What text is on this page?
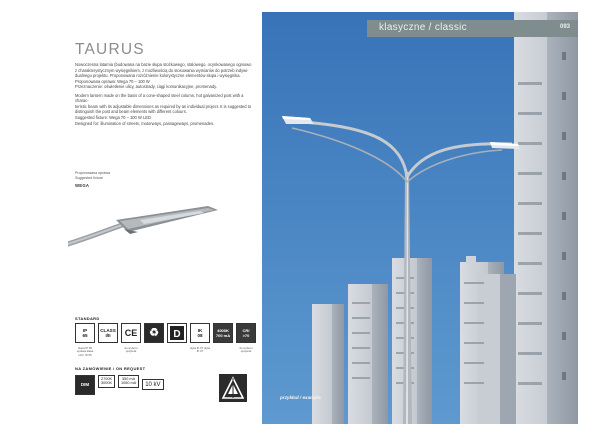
TAURUS

Nowoczesna latarnia (budowana na bazie słupa stożkowego, stalowego, ocynkowanego ogniowo
z charakterystycznym wysięgnikiem, z możliwością do stosowania wymiarów do potrzeb indywi-
dualnego projektu. Proponowana rozróżnienie kolorystyczne elementów słupa i wysięgnika.
Proponowana oprawa: Wega 70 – 100 W
Przeznaczenie: oświetlenie ulicy, autostrady, ciągi komunikacyjne, promenady.

Modern lantern made on the basis of a cone-shaped steel column, hot galvanized post with a charac-
teristic beam with its adjustable dimensions as required by an individual project. It is suggested to
distinguish the post and beam elements with different colours.
Suggested fixture: Wega 70 – 100 W LED
Designed for: illumination of streets, motorways, passageways, promenades.

Proponowana oprawa
Suggested fixture
WEGA
STANDARD
IP
65
CLASS
I/II CE ♻ D	IK
08
4000K
700 mA
CRI
>70
słupa IP 65 oprawa klasa ochr. IP 65
do wyboru opcjonal
płyta IK 07 plyta IK 07
do wyboru opcjonal
NA ZAMÓWIENIE / ON REQUEST
DIM
2700K
3000K
350 mA
1050 mA	10 kV
klasyczne / classic	093
przykład / example
